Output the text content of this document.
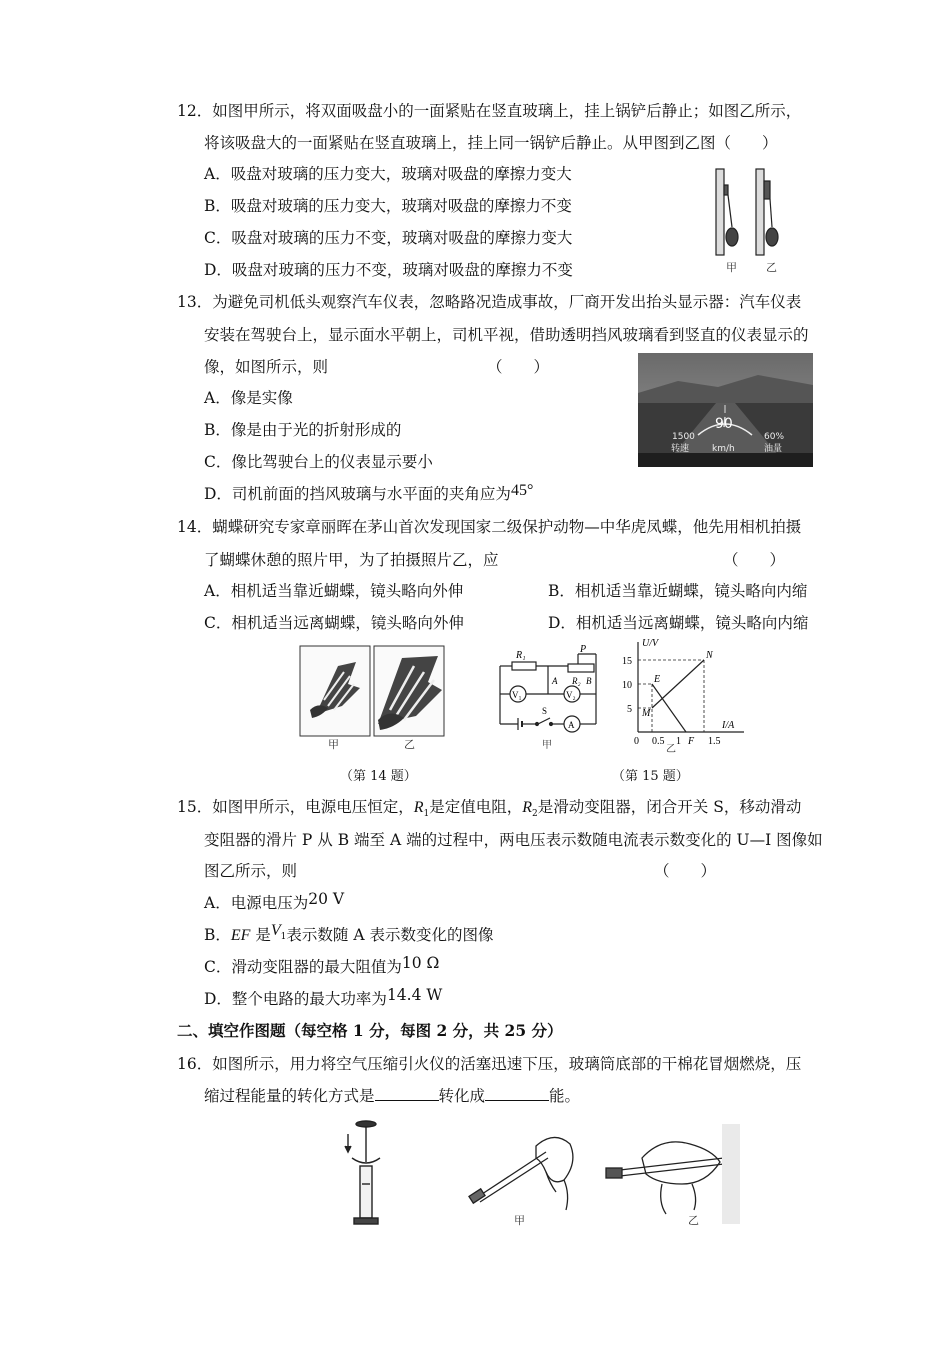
12．如图甲所示，将双面吸盘小的一面紧贴在竖直玻璃上，挂上锅铲后静止；如图乙所示，
将该吸盘大的一面紧贴在竖直玻璃上，挂上同一锅铲后静止。从甲图到乙图（　　）
A．吸盘对玻璃的压力变大，玻璃对吸盘的摩擦力变大
B．吸盘对玻璃的压力变大，玻璃对吸盘的摩擦力不变
C．吸盘对玻璃的压力不变，玻璃对吸盘的摩擦力变大
D．吸盘对玻璃的压力不变，玻璃对吸盘的摩擦力不变	甲	乙
13．为避免司机低头观察汽车仪表，忽略路况造成事故，厂商开发出抬头显示器：汽车仪表
安装在驾驶台上，显示面水平朝上，司机平视，借助透明挡风玻璃看到竖直的仪表显示的
像，如图所示，则	（　　）
A．像是实像
B．像是由于光的折射形成的
C．像比驾驶台上的仪表显示要小
D．司机前面的挡风玻璃与水平面的夹角应为45°
90
1500
转速	km/h
60%
油量
14．蝴蝶研究专家章丽晖在茅山首次发现国家二级保护动物—中华虎凤蝶，他先用相机拍摄
了蝴蝶休憩的照片甲，为了拍摄照片乙，应	（　　）
A．相机适当靠近蝴蝶，镜头略向外伸	B．相机适当靠近蝴蝶，镜头略向内缩
C．相机适当远离蝴蝶，镜头略向外伸	D．相机适当远离蝴蝶，镜头略向内缩
甲	乙
（第 14 题）
R₁
P
R₂
A	B
V₁	V₂
S
A
甲
U/V
I/A
15
10
5
0 0.5 1	1.5
N
E
M
F
乙
（第 15 题）
15．如图甲所示，电源电压恒定，$R_1$是定值电阻，$R_2$是滑动变阻器，闭合开关 S，移动滑动
变阻器的滑片 P 从 B 端至 A 端的过程中，两电压表示数随电流表示数变化的 U—I 图像如
图乙所示，则	（　　）
A．电源电压为20 V
B．EF 是$V_1$表示数随 A 表示数变化的图像
C．滑动变阻器的最大阻值为10 Ω
D．整个电路的最大功率为14.4 W
二、填空作图题（每空格 1 分，每图 2 分，共 25 分）
16．如图所示，用力将空气压缩引火仪的活塞迅速下压，玻璃筒底部的干棉花冒烟燃烧，压
缩过程能量的转化方式是	转化成	能。
甲	乙
